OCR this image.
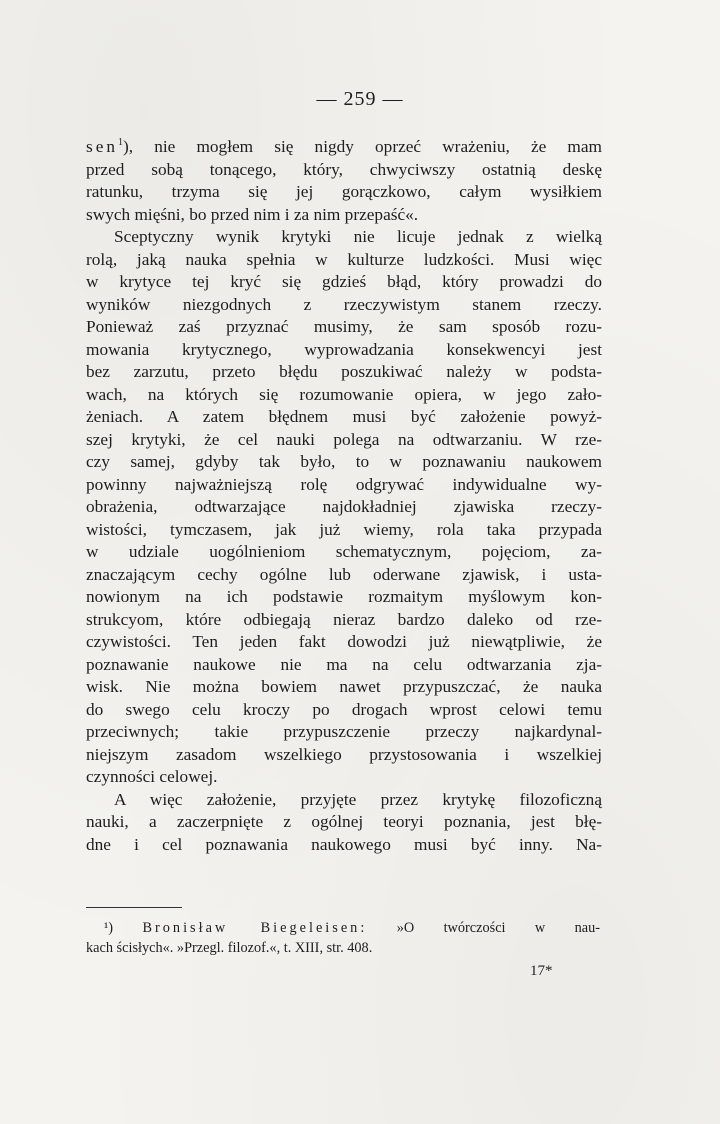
— 259 —
sen$^1$), nie mogłem się nigdy oprzeć wrażeniu, że mam
przed sobą tonącego, który, chwyciwszy ostatnią deskę
ratunku, trzyma się jej gorączkowo, całym wysiłkiem
swych mięśni, bo przed nim i za nim przepaść«.
Sceptyczny wynik krytyki nie licuje jednak z wielką
rolą, jaką nauka spełnia w kulturze ludzkości. Musi więc
w krytyce tej kryć się gdzieś błąd, który prowadzi do
wyników niezgodnych z rzeczywistym stanem rzeczy.
Ponieważ zaś przyznać musimy, że sam sposób rozu-
mowania krytycznego, wyprowadzania konsekwencyi jest
bez zarzutu, przeto błędu poszukiwać należy w podsta-
wach, na których się rozumowanie opiera, w jego zało-
żeniach. A zatem błędnem musi być założenie powyż-
szej krytyki, że cel nauki polega na odtwarzaniu. W rze-
czy samej, gdyby tak było, to w poznawaniu naukowem
powinny najważniejszą rolę odgrywać indywidualne wy-
obrażenia, odtwarzające najdokładniej zjawiska rzeczy-
wistości, tymczasem, jak już wiemy, rola taka przypada
w udziale uogólnieniom schematycznym, pojęciom, za-
znaczającym cechy ogólne lub oderwane zjawisk, i usta-
nowionym na ich podstawie rozmaitym myślowym kon-
strukcyom, które odbiegają nieraz bardzo daleko od rze-
czywistości. Ten jeden fakt dowodzi już niewątpliwie, że
poznawanie naukowe nie ma na celu odtwarzania zja-
wisk. Nie można bowiem nawet przypuszczać, że nauka
do swego celu kroczy po drogach wprost celowi temu
przeciwnych; takie przypuszczenie przeczy najkardynal-
niejszym zasadom wszelkiego przystosowania i wszelkiej
czynności celowej.
A więc założenie, przyjęte przez krytykę filozoficzną
nauki, a zaczerpnięte z ogólnej teoryi poznania, jest błę-
dne i cel poznawania naukowego musi być inny. Na-
¹) Bronisław Biegeleisen: »O twórczości w nau-
kach ścisłych«. »Przegl. filozof.«, t. XIII, str. 408.
17*
